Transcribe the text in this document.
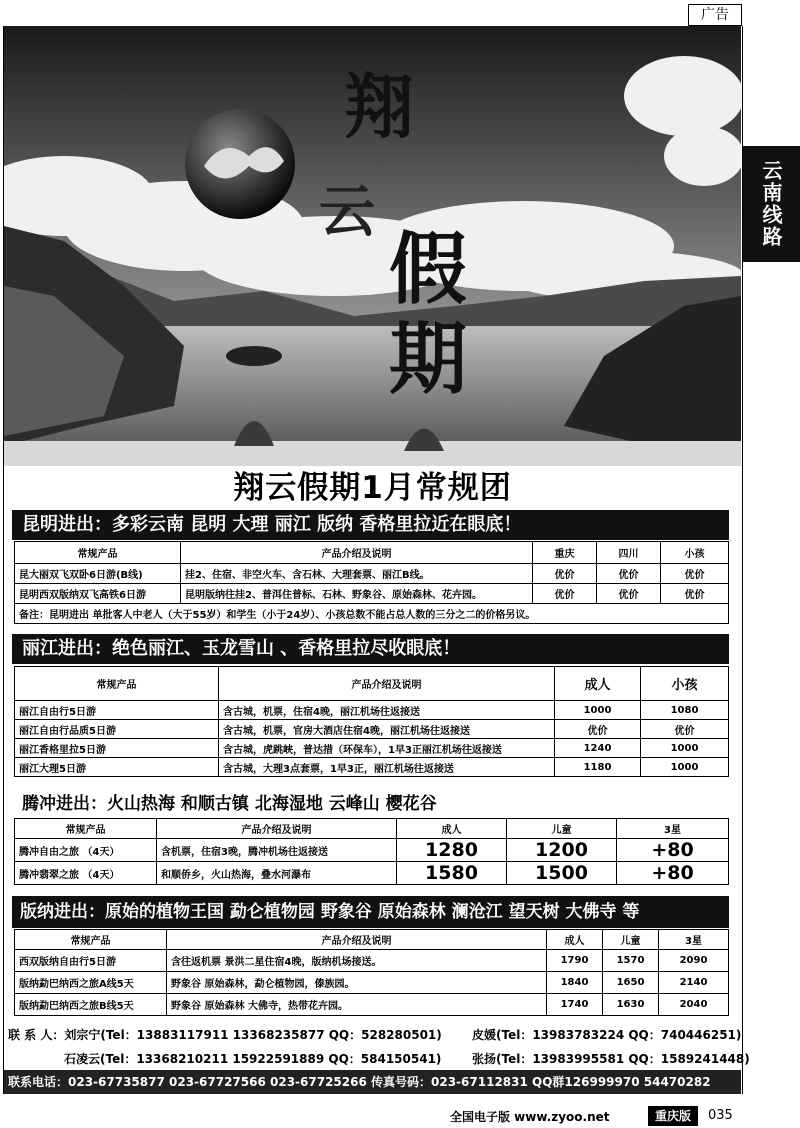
广告
云南线路
翔
云
假
期
翔云假期1月常规团
昆明进出：多彩云南 昆明 大理 丽江 版纳 香格里拉近在眼底！
常规产品	产品介绍及说明	重庆	四川	小孩
昆大丽双飞双卧6日游(B线)	挂2、住宿、非空火车、含石林、大理套票、丽江B线。	优价	优价	优价
昆明西双版纳双飞高铁6日游	昆明版纳往挂2、普洱住普标、石林、野象谷、原始森林、花卉园。	优价	优价	优价
备注：昆明进出 单批客人中老人（大于55岁）和学生（小于24岁）、小孩总数不能占总人数的三分之二的价格另议。				
丽江进出：绝色丽江、玉龙雪山 、香格里拉尽收眼底！
常规产品	产品介绍及说明	成人	小孩
丽江自由行5日游	含古城，机票，住宿4晚，丽江机场往返接送	1000	1080
丽江自由行品质5日游	含古城，机票，官房大酒店住宿4晚，丽江机场往返接送	优价	优价
丽江香格里拉5日游	含古城，虎跳峡，普达措（环保车），1早3正丽江机场往返接送	1240	1000
丽江大理5日游	含古城，大理3点套票，1早3正，丽江机场往返接送	1180	1000
腾冲进出：火山热海 和顺古镇 北海湿地 云峰山 樱花谷
常规产品	产品介绍及说明	成人	儿童	3星
腾冲自由之旅 （4天）	含机票，住宿3晚，腾冲机场往返接送	1280	1200	+80
腾冲翡翠之旅 （4天）	和顺侨乡，火山热海，叠水河瀑布	1580	1500	+80
版纳进出：原始的植物王国 勐仑植物园 野象谷 原始森林 澜沧江 望天树 大佛寺 等
常规产品	产品介绍及说明	成人	儿童	3星
西双版纳自由行5日游	含往返机票 景洪二星住宿4晚，版纳机场接送。	1790	1570	2090
版纳勐巴纳西之旅A线5天	野象谷 原始森林，勐仑植物园，傣族园。	1840	1650	2140
版纳勐巴纳西之旅B线5天	野象谷 原始森林 大佛寺，热带花卉园。	1740	1630	2040
联 系 人：刘宗宁(Tel：13883117911 13368235877 QQ：528280501)	皮媛(Tel：13983783224 QQ：740446251)
石凌云(Tel：13368210211 15922591889 QQ：584150541)	张扬(Tel：13983995581 QQ：1589241448)
联系电话：023-67735877 023-67727566 023-67725266 传真号码：023-67112831 QQ群126999970 54470282
全国电子版 www.zyoo.net	重庆版	035
